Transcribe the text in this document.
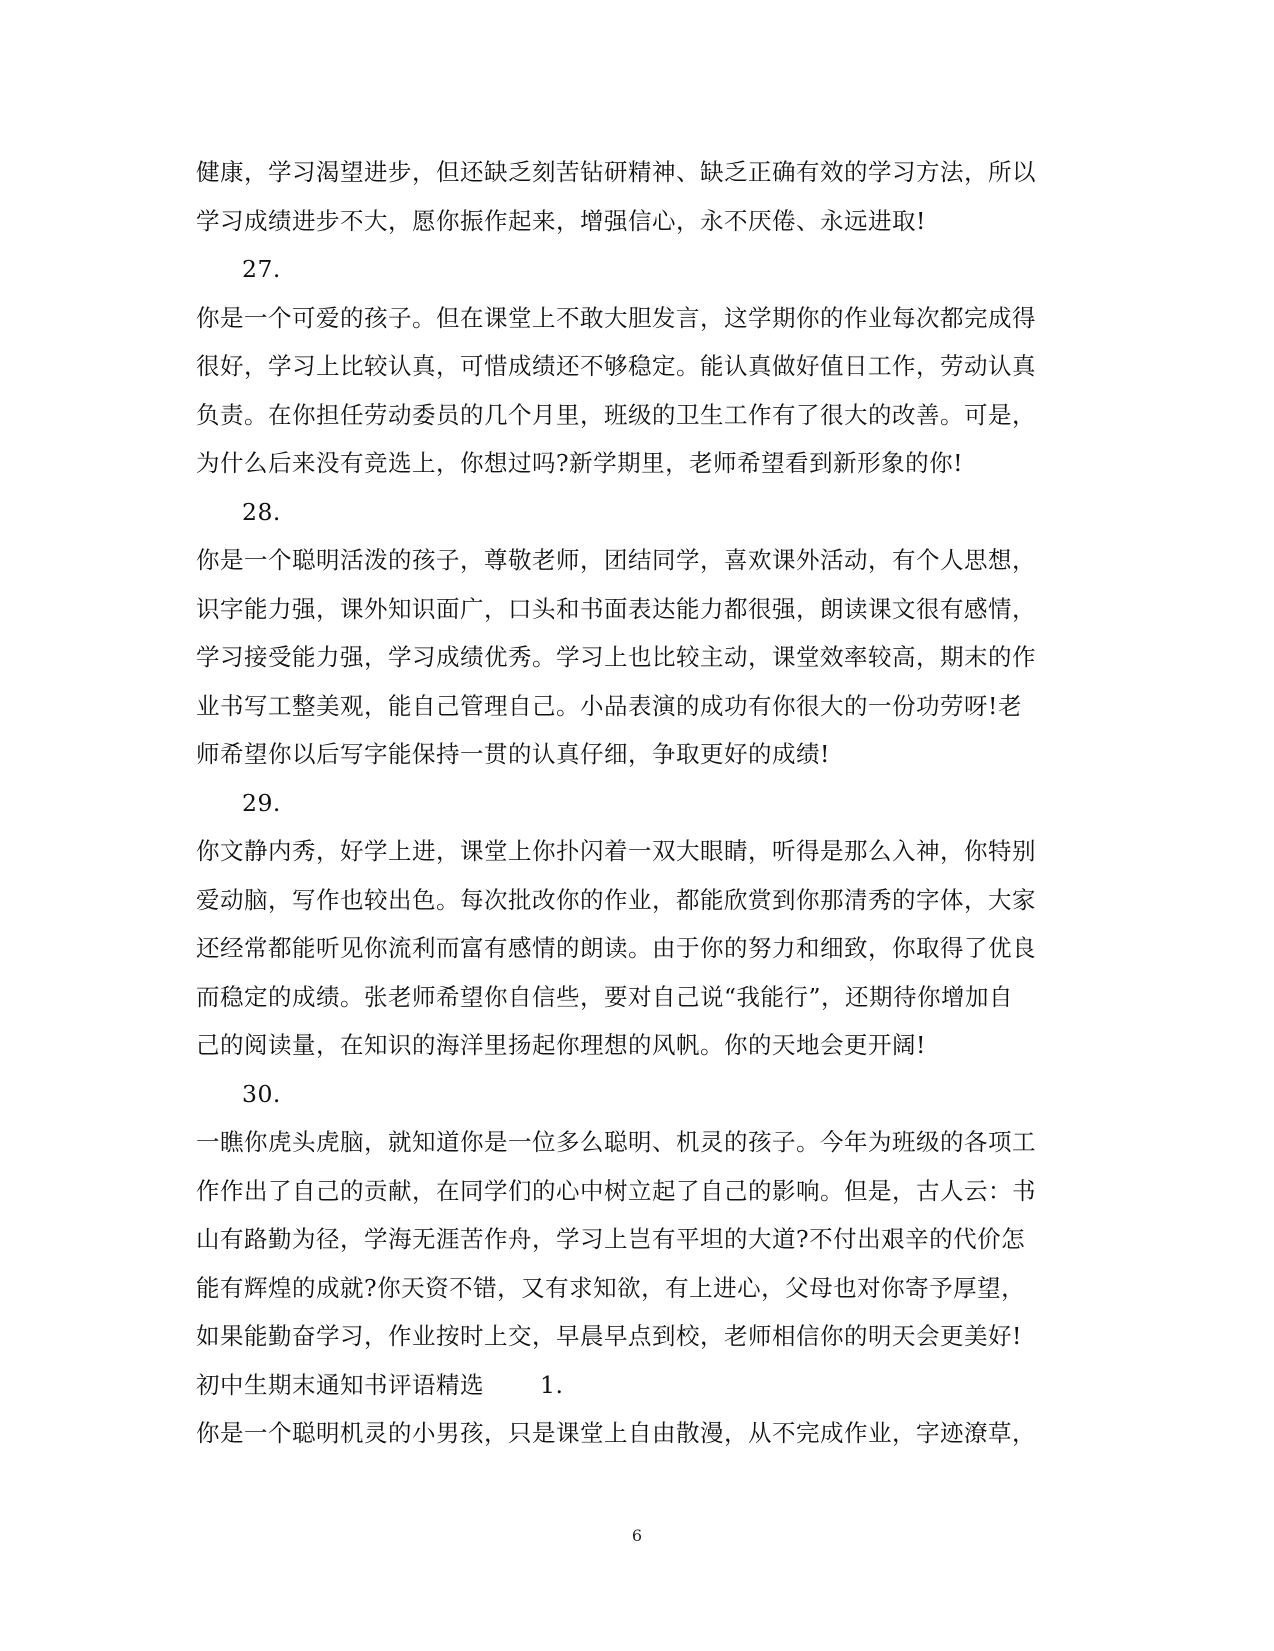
健康，学习渴望进步，但还缺乏刻苦钻研精神、缺乏正确有效的学习方法，所以
学习成绩进步不大，愿你振作起来，增强信心，永不厌倦、永远进取!
27.
你是一个可爱的孩子。但在课堂上不敢大胆发言，这学期你的作业每次都完成得
很好，学习上比较认真，可惜成绩还不够稳定。能认真做好值日工作，劳动认真
负责。在你担任劳动委员的几个月里，班级的卫生工作有了很大的改善。可是，
为什么后来没有竞选上，你想过吗?新学期里，老师希望看到新形象的你!
28.
你是一个聪明活泼的孩子，尊敬老师，团结同学，喜欢课外活动，有个人思想，
识字能力强，课外知识面广，口头和书面表达能力都很强，朗读课文很有感情，
学习接受能力强，学习成绩优秀。学习上也比较主动，课堂效率较高，期末的作
业书写工整美观，能自己管理自己。小品表演的成功有你很大的一份功劳呀!老
师希望你以后写字能保持一贯的认真仔细，争取更好的成绩!
29.
你文静内秀，好学上进，课堂上你扑闪着一双大眼睛，听得是那么入神，你特别
爱动脑，写作也较出色。每次批改你的作业，都能欣赏到你那清秀的字体，大家
还经常都能听见你流利而富有感情的朗读。由于你的努力和细致，你取得了优良
而稳定的成绩。张老师希望你自信些，要对自己说“我能行”，还期待你增加自
己的阅读量，在知识的海洋里扬起你理想的风帆。你的天地会更开阔!
30.
一瞧你虎头虎脑，就知道你是一位多么聪明、机灵的孩子。今年为班级的各项工
作作出了自己的贡献，在同学们的心中树立起了自己的影响。但是，古人云：书
山有路勤为径，学海无涯苦作舟，学习上岂有平坦的大道?不付出艰辛的代价怎
能有辉煌的成就?你天资不错，又有求知欲，有上进心，父母也对你寄予厚望，
如果能勤奋学习，作业按时上交，早晨早点到校，老师相信你的明天会更美好!
初中生期末通知书评语精选 1.
你是一个聪明机灵的小男孩，只是课堂上自由散漫，从不完成作业，字迹潦草，
6
